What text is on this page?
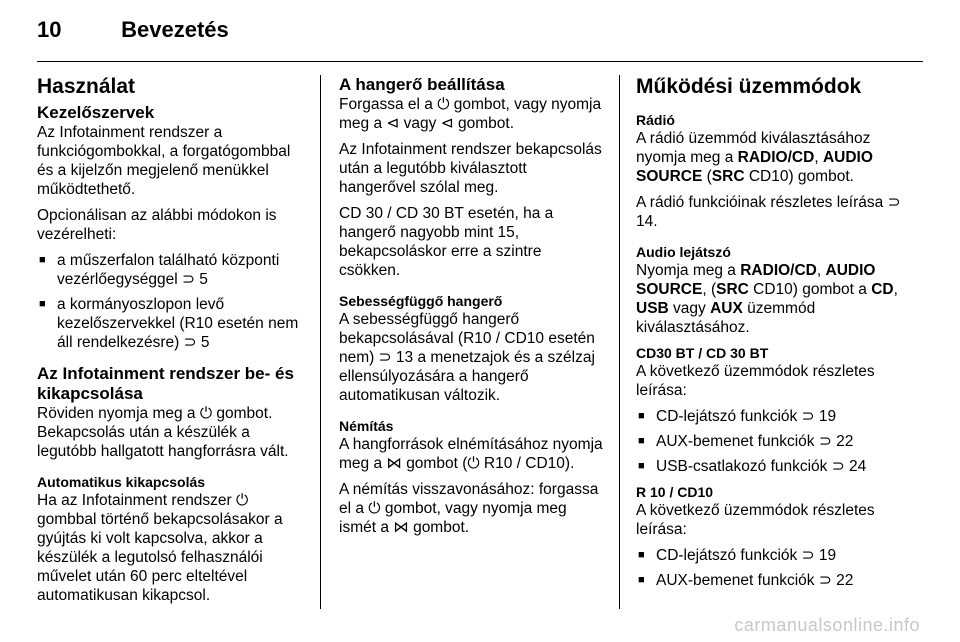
10	Bevezetés
Használat
Kezelőszervek

Az Infotainment rendszer a funkciógombokkal, a forgatógombbal és a kijelzőn megjelenő menükkel működtethető.

Opcionálisan az alábbi módokon is vezérelheti:

■ a műszerfalon található központi vezérlőegységgel ⊃ 5
■ a kormányoszlopon levő kezelőszervekkel (R10 esetén nem áll rendelkezésre) ⊃ 5
Az Infotainment rendszer be- és kikapcsolása

Röviden nyomja meg a ⏻ gombot. Bekapcsolás után a készülék a legutóbb hallgatott hangforrásra vált.

Automatikus kikapcsolás

Ha az Infotainment rendszer ⏻ gombbal történő bekapcsolásakor a gyújtás ki volt kapcsolva, akkor a készülék a legutolsó felhasználói művelet után 60 perc elteltével automatikusan kikapcsol.

A hangerő beállítása

Forgassa el a ⏻ gombot, vagy nyomja meg a ⊲ vagy ⊲ gombot.

Az Infotainment rendszer bekapcsolás után a legutóbb kiválasztott hangerővel szólal meg.

CD 30 / CD 30 BT esetén, ha a hangerő nagyobb mint 15, bekapcsoláskor erre a szintre csökken.

Sebességfüggő hangerő

A sebességfüggő hangerő bekapcsolásával (R10 / CD10 esetén nem) ⊃ 13 a menetzajok és a szélzaj ellensúlyozására a hangerő automatikusan változik.

Némítás

A hangforrások elnémításához nyomja meg a ⋈ gombot (⏻ R10 / CD10).

A némítás visszavonásához: forgassa el a ⏻ gombot, vagy nyomja meg ismét a ⋈ gombot.

Működési üzemmódok
Rádió

A rádió üzemmód kiválasztásához nyomja meg a RADIO/CD, AUDIO SOURCE (SRC CD10) gombot.

A rádió funkcióinak részletes leírása ⊃ 14.

Audio lejátszó

Nyomja meg a RADIO/CD, AUDIO SOURCE, (SRC CD10) gombot a CD, USB vagy AUX üzemmód kiválasztásához.

CD30 BT / CD 30 BT

A következő üzemmódok részletes leírása:

■ CD-lejátszó funkciók ⊃ 19
■ AUX-bemenet funkciók ⊃ 22
■ USB-csatlakozó funkciók ⊃ 24
R 10 / CD10

A következő üzemmódok részletes leírása:

■ CD-lejátszó funkciók ⊃ 19
■ AUX-bemenet funkciók ⊃ 22
carmanualsonline.info
